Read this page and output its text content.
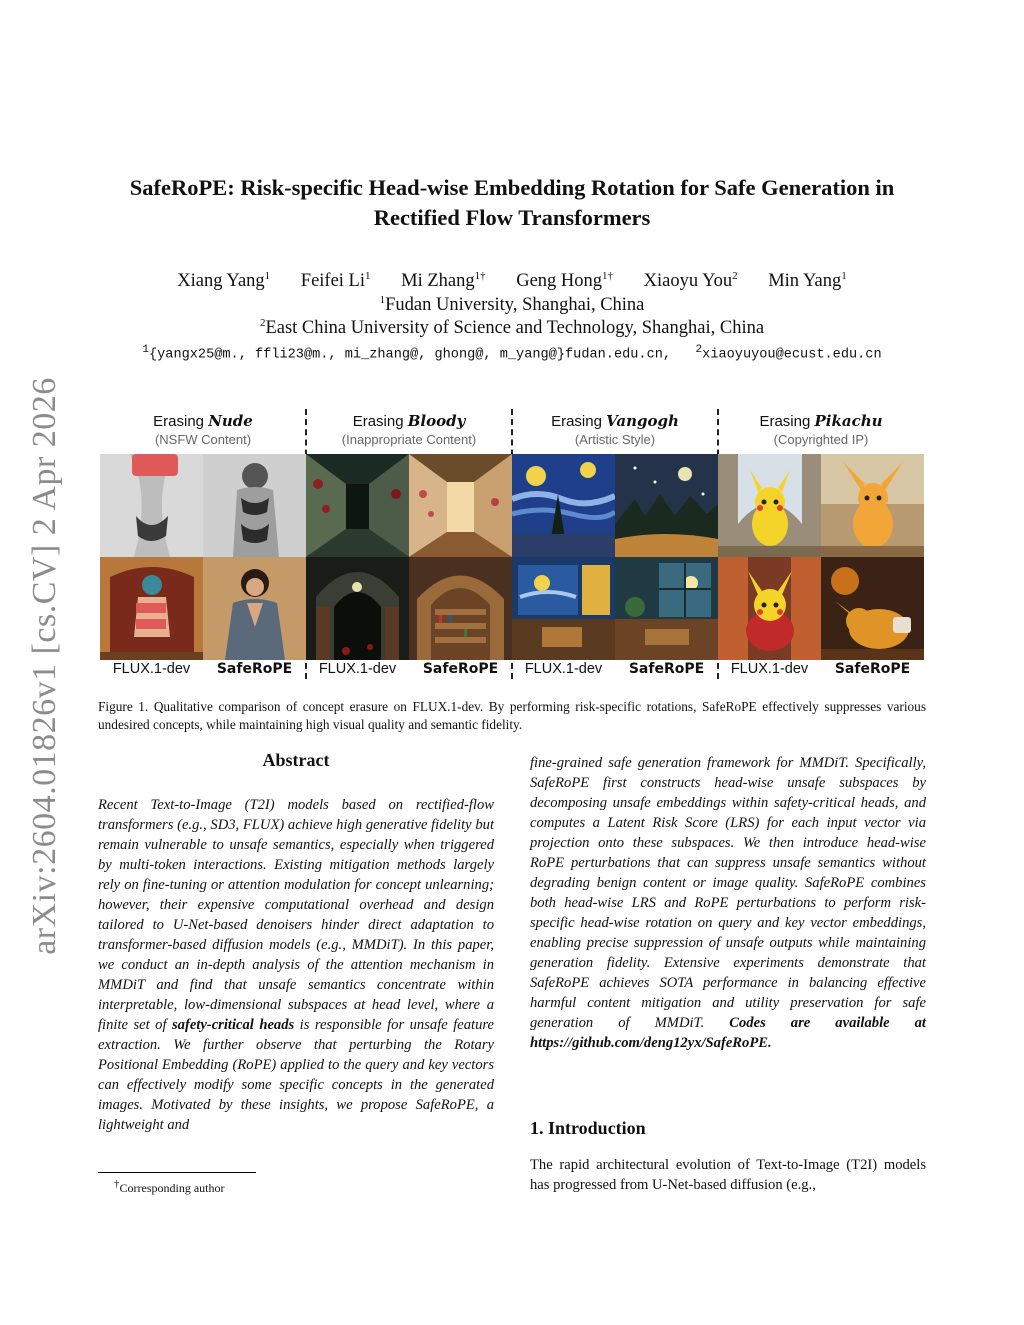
SafeRoPE: Risk-specific Head-wise Embedding Rotation for Safe Generation in
Rectified Flow Transformers
Xiang Yang$^1$ Feifei Li$^1$ Mi Zhang$^{1\dagger}$ Geng Hong$^{1\dagger}$ Xiaoyu You$^2$ Min Yang$^1$
$^1$Fudan University, Shanghai, China
$^2$East China University of Science and Technology, Shanghai, China
$^1${yangx25@m., ffli23@m., mi_zhang@, ghong@, m_yang@}fudan.edu.cn, $^2$xiaoyuyou@ecust.edu.cn
arXiv:2604.01826v1 [cs.CV] 2 Apr 2026	Erasing Nude
(NSFW Content)
Erasing Bloody
(Inappropriate Content)
Erasing Vangogh
(Artistic Style)
Erasing Pikachu
(Copyrighted IP)
FLUX.1-dev	SafeRoPE	FLUX.1-dev	SafeRoPE	FLUX.1-dev	SafeRoPE	FLUX.1-dev	SafeRoPE
Figure 1. Qualitative comparison of concept erasure on FLUX.1-dev. By performing risk-specific rotations, SafeRoPE effectively suppresses various undesired concepts, while maintaining high visual quality and semantic fidelity.
Abstract
Recent Text-to-Image (T2I) models based on rectified-flow transformers (e.g., SD3, FLUX) achieve high generative fidelity but remain vulnerable to unsafe semantics, especially when triggered by multi-token interactions. Existing mitigation methods largely rely on fine-tuning or attention modulation for concept unlearning; however, their expensive computational overhead and design tailored to U-Net-based denoisers hinder direct adaptation to transformer-based diffusion models (e.g., MMDiT). In this paper, we conduct an in-depth analysis of the attention mechanism in MMDiT and find that unsafe semantics concentrate within interpretable, low-dimensional subspaces at head level, where a finite set of safety-critical heads is responsible for unsafe feature extraction. We further observe that perturbing the Rotary Positional Embedding (RoPE) applied to the query and key vectors can effectively modify some specific concepts in the generated images. Motivated by these insights, we propose SafeRoPE, a lightweight and
fine-grained safe generation framework for MMDiT. Specifically, SafeRoPE first constructs head-wise unsafe subspaces by decomposing unsafe embeddings within safety-critical heads, and computes a Latent Risk Score (LRS) for each input vector via projection onto these subspaces. We then introduce head-wise RoPE perturbations that can suppress unsafe semantics without degrading benign content or image quality. SafeRoPE combines both head-wise LRS and RoPE perturbations to perform risk-specific head-wise rotation on query and key vector embeddings, enabling precise suppression of unsafe outputs while maintaining generation fidelity. Extensive experiments demonstrate that SafeRoPE achieves SOTA performance in balancing effective harmful content mitigation and utility preservation for safe generation of MMDiT. Codes are available at https://github.com/deng12yx/SafeRoPE.
1. Introduction
The rapid architectural evolution of Text-to-Image (T2I) models has progressed from U-Net-based diffusion (e.g.,
†Corresponding author
